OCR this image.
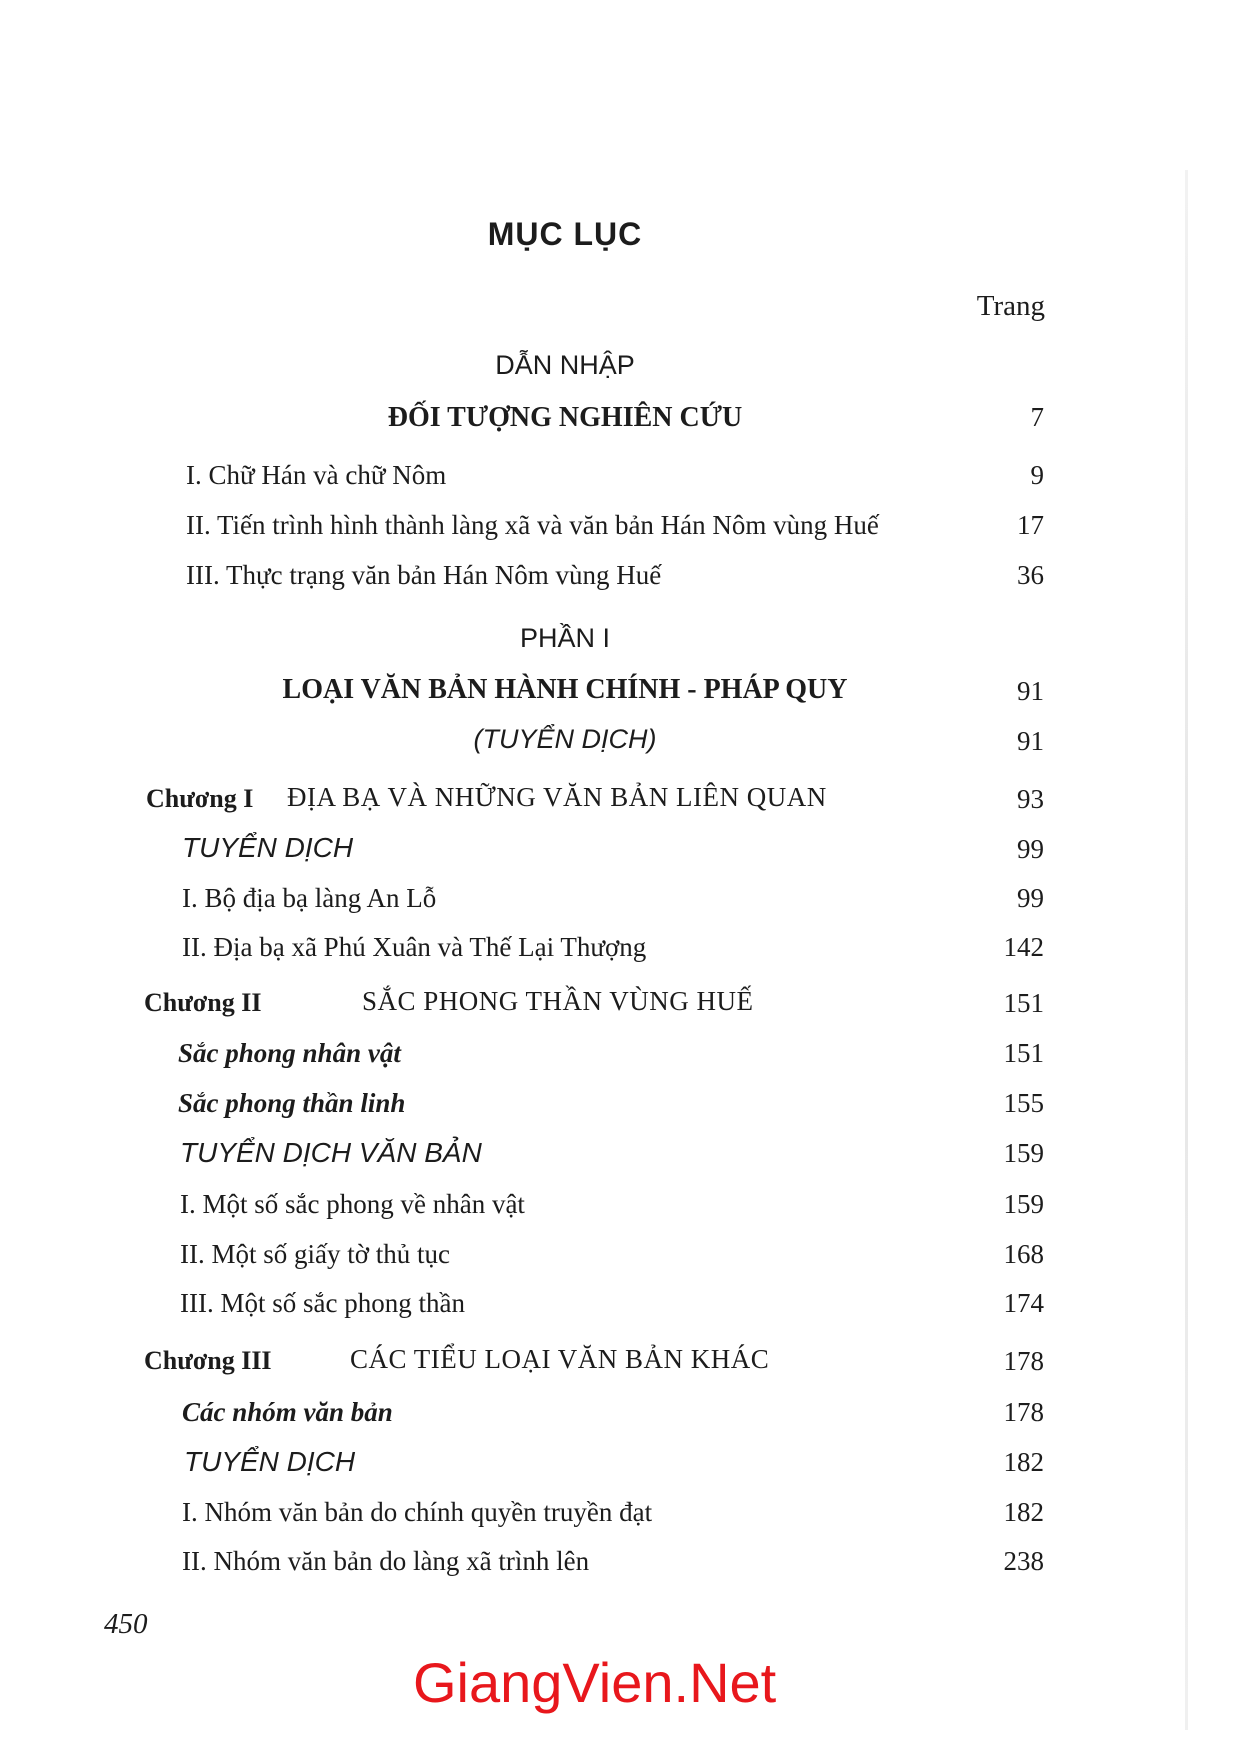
MỤC LỤC
Trang
DẪN NHẬP
ĐỐI TƯỢNG NGHIÊN CỨU	7
I. Chữ Hán và chữ Nôm	9
II. Tiến trình hình thành làng xã và văn bản Hán Nôm vùng Huế	17
III. Thực trạng văn bản Hán Nôm vùng Huế	36
PHẦN I
LOẠI VĂN BẢN HÀNH CHÍNH - PHÁP QUY	91
(TUYỂN DỊCH)	91
Chương I ĐỊA BẠ VÀ NHỮNG VĂN BẢN LIÊN QUAN	93
TUYỂN DỊCH	99
I. Bộ địa bạ làng An Lỗ	99
II. Địa bạ xã Phú Xuân và Thế Lại Thượng	142
Chương II	SẮC PHONG THẦN VÙNG HUẾ	151
Sắc phong nhân vật	151
Sắc phong thần linh	155
TUYỂN DỊCH VĂN BẢN	159
I. Một số sắc phong về nhân vật	159
II. Một số giấy tờ thủ tục	168
III. Một số sắc phong thần	174
Chương III	CÁC TIỂU LOẠI VĂN BẢN KHÁC	178
Các nhóm văn bản	178
TUYỂN DỊCH	182
I. Nhóm văn bản do chính quyền truyền đạt	182
II. Nhóm văn bản do làng xã trình lên	238
450
GiangVien.Net
